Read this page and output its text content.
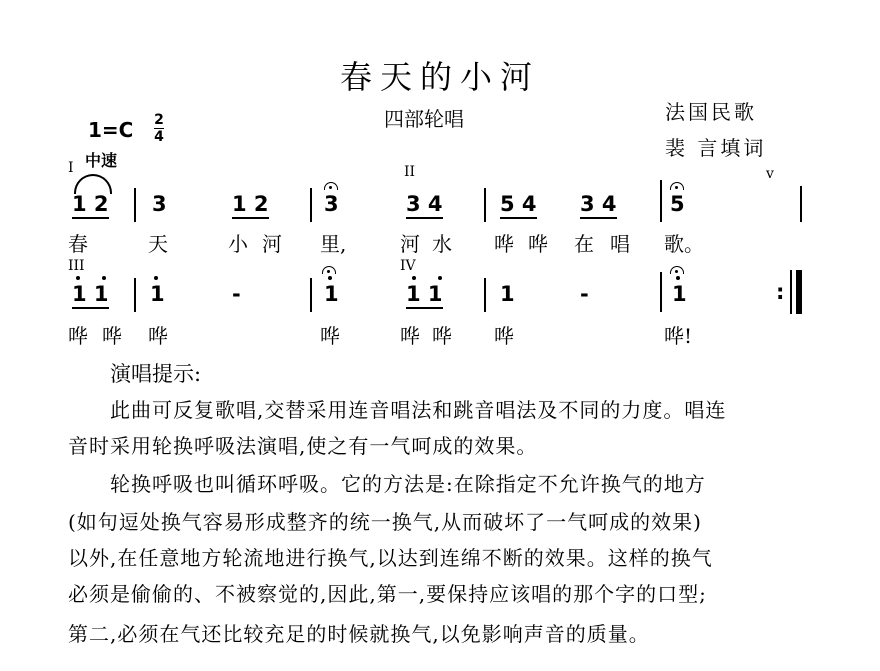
春天的小河
四部轮唱	法国民歌
裴 言填词
1=C 2
4
中速
I	II	v
1 2 3	1 2	3	3 4	5 4 3 4	5
春	天	小 河 里,	河 水 哗 哗 在 唱 歌。
III	IV
1 1 1	-	1	1 1	1	-	1	:
哗 哗 哗	哗	哗 哗 哗	哗!
演唱提示:
此曲可反复歌唱,交替采用连音唱法和跳音唱法及不同的力度。唱连
音时采用轮换呼吸法演唱,使之有一气呵成的效果。
轮换呼吸也叫循环呼吸。它的方法是:在除指定不允许换气的地方
(如句逗处换气容易形成整齐的统一换气,从而破坏了一气呵成的效果)
以外,在任意地方轮流地进行换气,以达到连绵不断的效果。这样的换气
必须是偷偷的、不被察觉的,因此,第一,要保持应该唱的那个字的口型;
第二,必须在气还比较充足的时候就换气,以免影响声音的质量。
